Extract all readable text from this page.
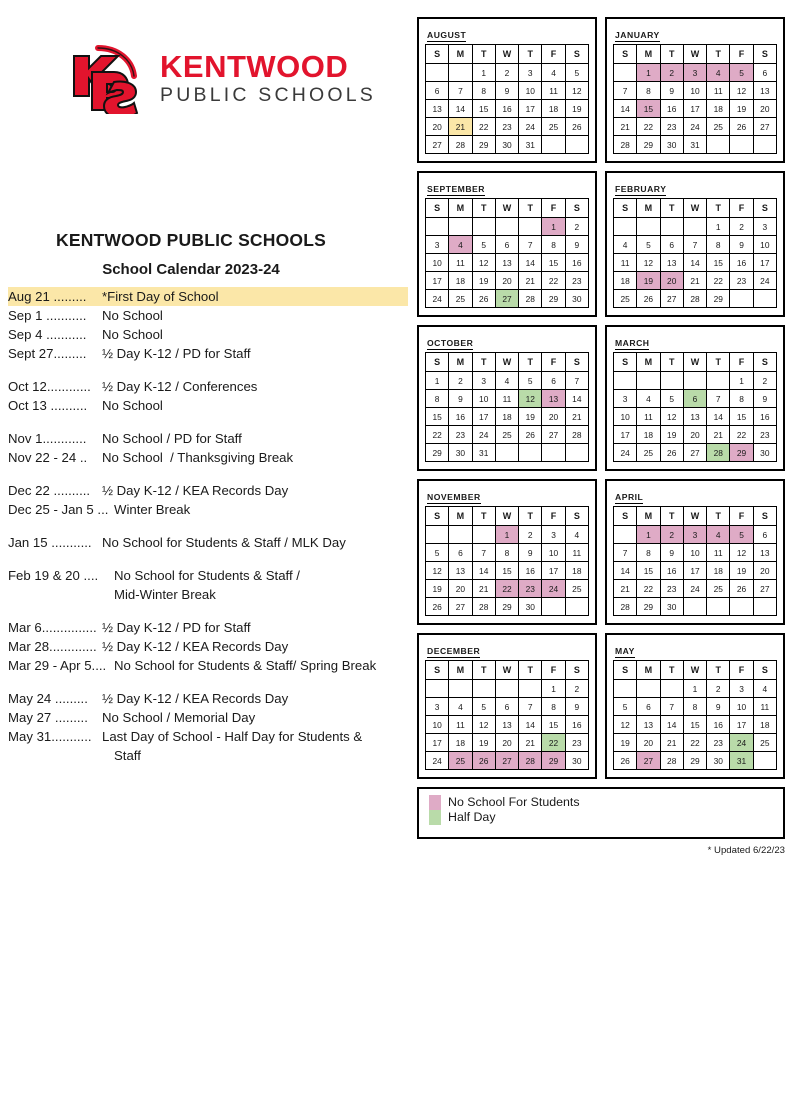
KENTWOOD
PUBLIC SCHOOLS
KENTWOOD PUBLIC SCHOOLS
School Calendar 2023-24
Aug 21 .........	*First Day of School
Sep 1 ...........	No School
Sep 4 ...........	No School
Sept 27.........	½ Day K-12 / PD for Staff
Oct 12............ ½ Day K-12 / Conferences
Oct 13 ..........	No School
Nov 1............	No School / PD for Staff
Nov 22 - 24 ..	No School  / Thanksgiving Break
Dec 22 .......... ½ Day K-12 / KEA Records Day
Dec 25 - Jan 5 ... Winter Break
Jan 15 ........... No School for Students & Staff / MLK Day
Feb 19 & 20 ....	No School for Students & Staff /
Mid-Winter Break
Mar 6............... ½ Day K-12 / PD for Staff
Mar 28............. ½ Day K-12 / KEA Records Day
Mar 29 - Apr 5.... No School for Students & Staff/ Spring Break
May 24 .........	½ Day K-12 / KEA Records Day
May 27 .........	No School / Memorial Day
May 31........... Last Day of School - Half Day for Students &
Staff
AUGUST
S	M	T	W	T	F	S
		1	2	3	4	5
6	7	8	9	10	11	12
13	14	15	16	17	18	19
20	21	22	23	24	25	26
27	28	29	30	31		
JANUARY
S	M	T	W	T	F	S
	1	2	3	4	5	6
7	8	9	10	11	12	13
14	15	16	17	18	19	20
21	22	23	24	25	26	27
28	29	30	31			
SEPTEMBER
S	M	T	W	T	F	S
					1	2
3	4	5	6	7	8	9
10	11	12	13	14	15	16
17	18	19	20	21	22	23
24	25	26	27	28	29	30
FEBRUARY
S	M	T	W	T	F	S
				1	2	3
4	5	6	7	8	9	10
11	12	13	14	15	16	17
18	19	20	21	22	23	24
25	26	27	28	29		
OCTOBER
S	M	T	W	T	F	S
1	2	3	4	5	6	7
8	9	10	11	12	13	14
15	16	17	18	19	20	21
22	23	24	25	26	27	28
29	30	31				
MARCH
S	M	T	W	T	F	S
					1	2
3	4	5	6	7	8	9
10	11	12	13	14	15	16
17	18	19	20	21	22	23
24	25	26	27	28	29	30
NOVEMBER
S	M	T	W	T	F	S
			1	2	3	4
5	6	7	8	9	10	11
12	13	14	15	16	17	18
19	20	21	22	23	24	25
26	27	28	29	30		
APRIL
S	M	T	W	T	F	S
	1	2	3	4	5	6
7	8	9	10	11	12	13
14	15	16	17	18	19	20
21	22	23	24	25	26	27
28	29	30				
DECEMBER
S	M	T	W	T	F	S
					1	2
3	4	5	6	7	8	9
10	11	12	13	14	15	16
17	18	19	20	21	22	23
24	25	26	27	28	29	30
MAY
S	M	T	W	T	F	S
			1	2	3	4
5	6	7	8	9	10	11
12	13	14	15	16	17	18
19	20	21	22	23	24	25
26	27	28	29	30	31	
No School For Students
Half Day
* Updated 6/22/23
